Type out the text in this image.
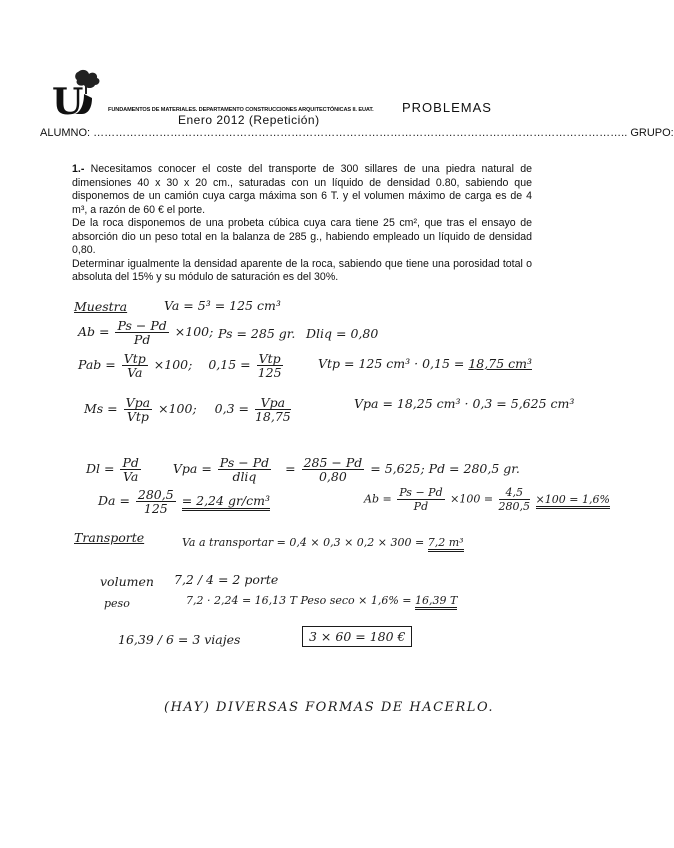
U	FUNDAMENTOS DE MATERIALES. DEPARTAMENTO CONSTRUCCIONES ARQUITECTÓNICAS II. EUAT. PROBLEMAS
Enero 2012 (Repetición)
ALUMNO: ……………………………………………………………………………………………………………………………….. GRUPO:

1.- Necesitamos conocer el coste del transporte de 300 sillares de una piedra natural de dimensiones 40 x 30 x 20 cm., saturadas con un líquido de densidad 0.80, sabiendo que disponemos de un camión cuya carga máxima son 6 T. y el volumen máximo de carga es de 4 m³, a razón de 60 € el porte.

De la roca disponemos de una probeta cúbica cuya cara tiene 25 cm², que tras el ensayo de absorción dio un peso total en la balanza de 285 g., habiendo empleado un líquido de densidad 0,80.

Determinar igualmente la densidad aparente de la roca, sabiendo que tiene una porosidad total o absoluta del 15% y su módulo de saturación es del 30%.

Muestra	Va = 5³ = 125 cm³
$Ab = \frac{Ps - Pd}{Pd} \times 100$; Ps = 285 gr. Dliq = 0,80
Pab = $\frac{\text{Vtp}}{Va} \times 100$; $0,15 = \frac{\text{Vtp}}{125}$	Vtp = 125 cm³ · 0,15 = 18,75 cm³
$Ms = \frac{\text{Vpa}}{\text{Vtp}} \times 100$; $0,3 = \frac{\text{Vpa}}{18,75}$	Vpa = 18,25 cm³ · 0,3 = 5,625 cm³
$Dl = \frac{Pd}{Va}$	Vpa = $\frac{Ps - Pd}{\text{dliq}} = \frac{285 - Pd}{0,80} = 5,625$; Pd = 280,5 gr.
$Da = \frac{280,5}{125} = 2,24$ gr/cm³	$Ab = \frac{Ps - Pd}{Pd} \times 100 = \frac{4,5}{280,5} \times 100 = 1,6\%$
Transporte	Va a transportar = 0,4 × 0,3 × 0,2 × 300 = 7,2 m³
volumen 7,2 / 4 = 2 porte
peso	7,2 · 2,24 = 16,13 T Peso seco × 1,6% = 16,39 T
16,39 / 6 = 3 viajes	3 × 60 = 180 €
(HAY) DIVERSAS FORMAS DE HACERLO.
